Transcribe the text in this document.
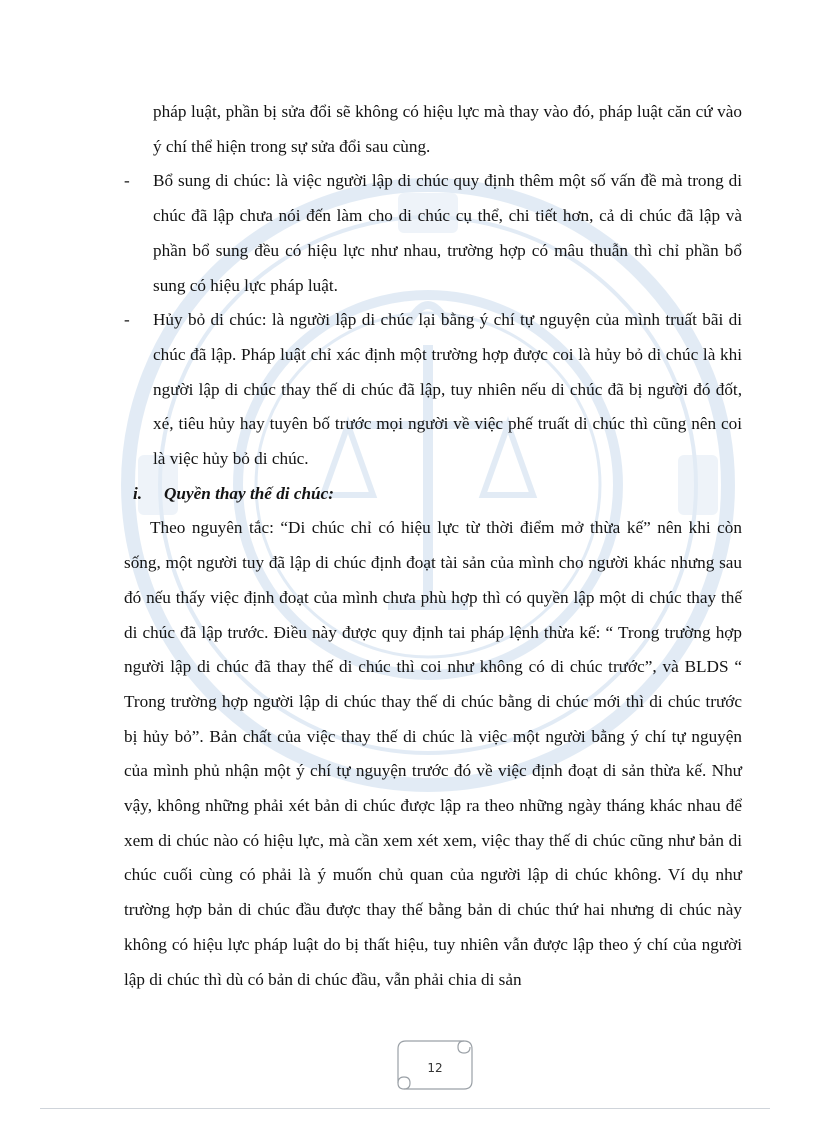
pháp luật, phần bị sửa đổi sẽ không có hiệu lực mà thay vào đó, pháp luật căn cứ vào ý chí thể hiện trong sự sửa đổi sau cùng.

-	Bổ sung di chúc: là việc người lập di chúc quy định thêm một số vấn đề mà trong di chúc đã lập chưa nói đến làm cho di chúc cụ thể, chi tiết hơn, cả di chúc đã lập và phần bổ sung đều có hiệu lực như nhau, trường hợp có mâu thuẫn thì chỉ phần bổ sung có hiệu lực pháp luật.
-	Hủy bỏ di chúc: là người lập di chúc lại bằng ý chí tự nguyện của mình truất bãi di chúc đã lập. Pháp luật chỉ xác định một trường hợp được coi là hủy bỏ di chúc là khi người lập di chúc thay thế di chúc đã lập, tuy nhiên nếu di chúc đã bị người đó đốt, xé, tiêu hủy hay tuyên bố trước mọi người về việc phế truất di chúc thì cũng nên coi là việc hủy bỏ di chúc.

i. Quyền thay thế di chúc:

Theo nguyên tắc: “Di chúc chỉ có hiệu lực từ thời điểm mở thừa kế” nên khi còn sống, một người tuy đã lập di chúc định đoạt tài sản của mình cho người khác nhưng sau đó nếu thấy việc định đoạt của mình chưa phù hợp thì có quyền lập một di chúc thay thế di chúc đã lập trước. Điều này được quy định tai pháp lệnh thừa kế: “ Trong trường hợp người lập di chúc đã thay thế di chúc thì coi như không có di chúc trước”, và BLDS “ Trong trường hợp người lập di chúc thay thế di chúc bằng di chúc mới thì di chúc trước bị hủy bỏ”. Bản chất của việc thay thế di chúc là việc một người bằng ý chí tự nguyện của mình phủ nhận một ý chí tự nguyện trước đó về việc định đoạt di sản thừa kế. Như vậy, không những phải xét bản di chúc được lập ra theo những ngày tháng khác nhau để xem di chúc nào có hiệu lực, mà cần xem xét xem, việc thay thế di chúc cũng như bản di chúc cuối cùng có phải là ý muốn chủ quan của người lập di chúc không. Ví dụ như trường hợp bản di chúc đầu được thay thế bằng bản di chúc thứ hai nhưng di chúc này không có hiệu lực pháp luật do bị thất hiệu, tuy nhiên vẫn được lập theo ý chí của người lập di chúc thì dù có bản di chúc đầu, vẫn phải chia di sản

12
